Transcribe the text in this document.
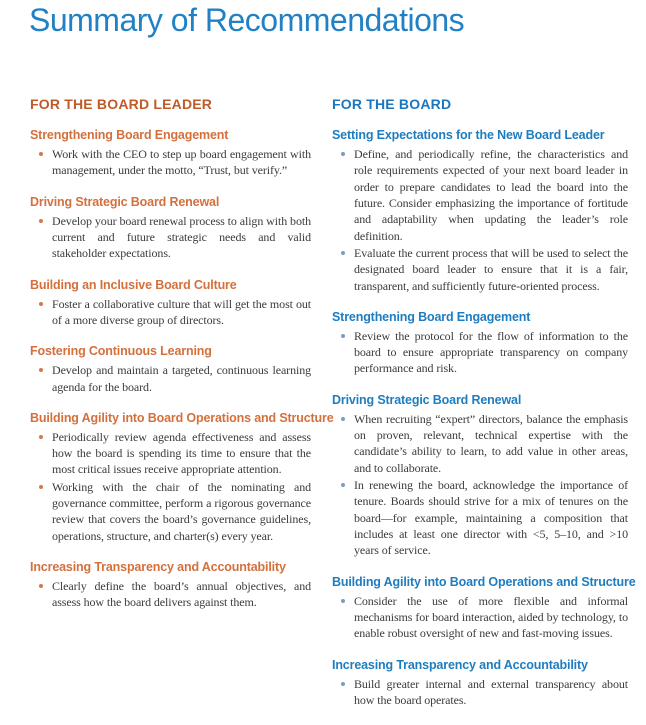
Summary of Recommendations
FOR THE BOARD LEADER
Strengthening Board Engagement
Work with the CEO to step up board engagement with management, under the motto, “Trust, but verify.”
Driving Strategic Board Renewal
Develop your board renewal process to align with both current and future strategic needs and valid stakeholder expectations.
Building an Inclusive Board Culture
Foster a collaborative culture that will get the most out of a more diverse group of directors.
Fostering Continuous Learning
Develop and maintain a targeted, continuous learning agenda for the board.
Building Agility into Board Operations and Structure
Periodically review agenda effectiveness and assess how the board is spending its time to ensure that the most critical issues receive appropriate attention.
Working with the chair of the nominating and governance committee, perform a rigorous governance review that covers the board’s governance guidelines, operations, structure, and charter(s) every year.
Increasing Transparency and Accountability
Clearly define the board’s annual objectives, and assess how the board delivers against them.
FOR THE BOARD
Setting Expectations for the New Board Leader
Define, and periodically refine, the characteristics and role requirements expected of your next board leader in order to prepare candidates to lead the board into the future. Consider emphasizing the importance of fortitude and adaptability when updating the leader’s role definition.
Evaluate the current process that will be used to select the designated board leader to ensure that it is a fair, transparent, and sufficiently future-oriented process.
Strengthening Board Engagement
Review the protocol for the flow of information to the board to ensure appropriate transparency on company performance and risk.
Driving Strategic Board Renewal
When recruiting “expert” directors, balance the emphasis on proven, relevant, technical expertise with the candidate’s ability to learn, to add value in other areas, and to collaborate.
In renewing the board, acknowledge the importance of tenure. Boards should strive for a mix of tenures on the board—for example, maintaining a composition that includes at least one director with <5, 5–10, and >10 years of service.
Building Agility into Board Operations and Structure
Consider the use of more flexible and informal mechanisms for board interaction, aided by technology, to enable robust oversight of new and fast-moving issues.
Increasing Transparency and Accountability
Build greater internal and external transparency about how the board operates.
